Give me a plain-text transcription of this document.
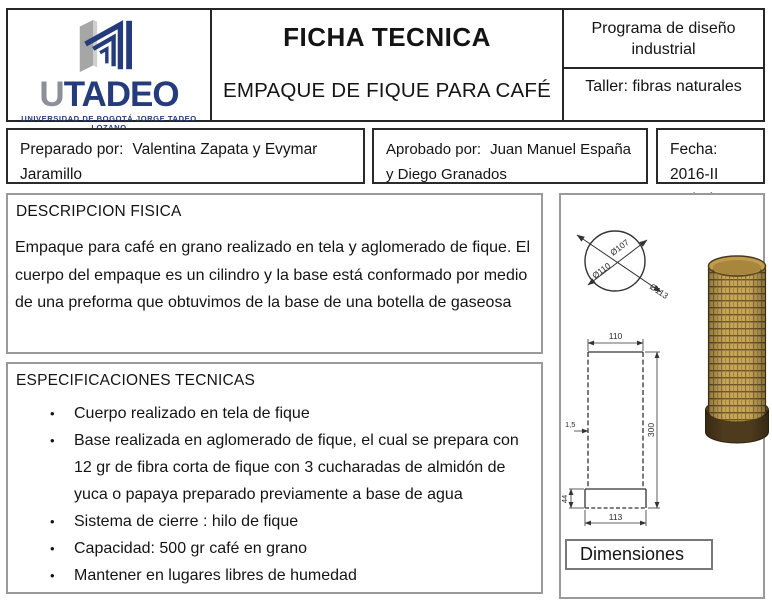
UTADEO
UNIVERSIDAD DE BOGOTÁ JORGE TADEO LOZANO
FICHA TECNICA
EMPAQUE DE FIQUE PARA CAFÉ
Programa de diseño industrial
Taller: fibras naturales
Preparado por: Valentina Zapata y Evymar Jaramillo
Aprobado por: Juan Manuel España y Diego Granados
Fecha:
2016-II
DESCRIPCION FISICA
Empaque para café en grano realizado en tela y aglomerado de fique. El cuerpo del empaque es un cilindro y la base está conformado por medio de una preforma que obtuvimos de la base de una botella de gaseosa
ESPECIFICACIONES TECNICAS
• Cuerpo realizado en tela de fique
• Base realizada en aglomerado de fique, el cual se prepara con 12 gr de fibra corta de fique con 3 cucharadas de almidón de yuca o papaya preparado previamente a base de agua
• Sistema de cierre : hilo de fique
• Capacidad: 500 gr café en grano
• Mantener en lugares libres de humedad
Ø110
Ø107
Ø113
110
300
1,5
44
113
Dimensiones
